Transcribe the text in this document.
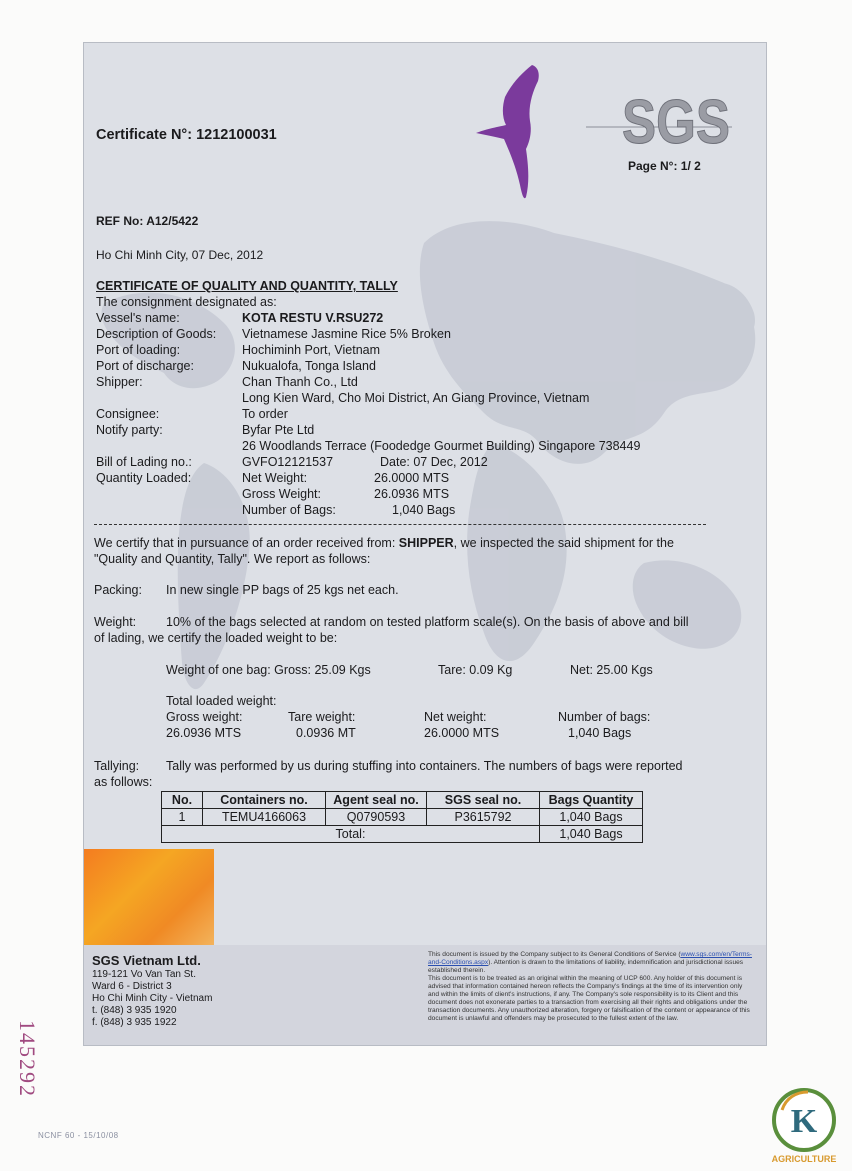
SGS
Certificate N°: 1212100031
Page N°: 1/ 2
REF No: A12/5422
Ho Chi Minh City, 07 Dec, 2012
CERTIFICATE OF QUALITY AND QUANTITY, TALLY
The consignment designated as:
Vessel's name:	KOTA RESTU V.RSU272
Description of Goods: Vietnamese Jasmine Rice 5% Broken
Port of loading:	Hochiminh Port, Vietnam
Port of discharge:	Nukualofa, Tonga Island
Shipper:	Chan Thanh Co., Ltd
Long Kien Ward, Cho Moi District, An Giang Province, Vietnam
Consignee:	To order
Notify party:	Byfar Pte Ltd
26 Woodlands Terrace (Foodedge Gourmet Building) Singapore 738449
Bill of Lading no.:	GVFO12121537	Date: 07 Dec, 2012
Quantity Loaded:	Net Weight:	26.0000 MTS
Gross Weight:	26.0936 MTS
Number of Bags:	1,040 Bags
We certify that in pursuance of an order received from: SHIPPER, we inspected the said shipment for the
"Quality and Quantity, Tally". We report as follows:
Packing: In new single PP bags of 25 kgs net each.
Weight: 10% of the bags selected at random on tested platform scale(s). On the basis of above and bill
of lading, we certify the loaded weight to be:
Weight of one bag: Gross: 25.09 Kgs	Tare: 0.09 Kg	Net: 25.00 Kgs
Total loaded weight:
Gross weight:
26.0936 MTS
Tare weight:
0.0936 MT
Net weight:
26.0000 MTS
Number of bags:
1,040 Bags
Tallying: Tally was performed by us during stuffing into containers. The numbers of bags were reported
as follows:
No.	Containers no.	Agent seal no.	SGS seal no.	Bags Quantity
1	TEMU4166063	Q0790593	P3615792	1,040 Bags
Total:				1,040 Bags
SGS Vietnam Ltd.
119-121 Vo Van Tan St.
Ward 6 - District 3
Ho Chi Minh City - Vietnam
t. (848) 3 935 1920
f. (848) 3 935 1922
This document is issued by the Company subject to its General Conditions of Service (www.sgs.com/en/Terms-and-Conditions.aspx). Attention is drawn to the limitations of liability, indemnification and jurisdictional issues established therein.
This document is to be treated as an original within the meaning of UCP 600. Any holder of this document is advised that information contained hereon reflects the Company's findings at the time of its intervention only and within the limits of client's instructions, if any. The Company's sole responsibility is to its Client and this document does not exonerate parties to a transaction from exercising all their rights and obligations under the transaction documents. Any unauthorized alteration, forgery or falsification of the content or appearance of this document is unlawful and offenders may be prosecuted to the fullest extent of the law.
145292
NCNF 60 - 15/10/08	K
AGRICULTURE
